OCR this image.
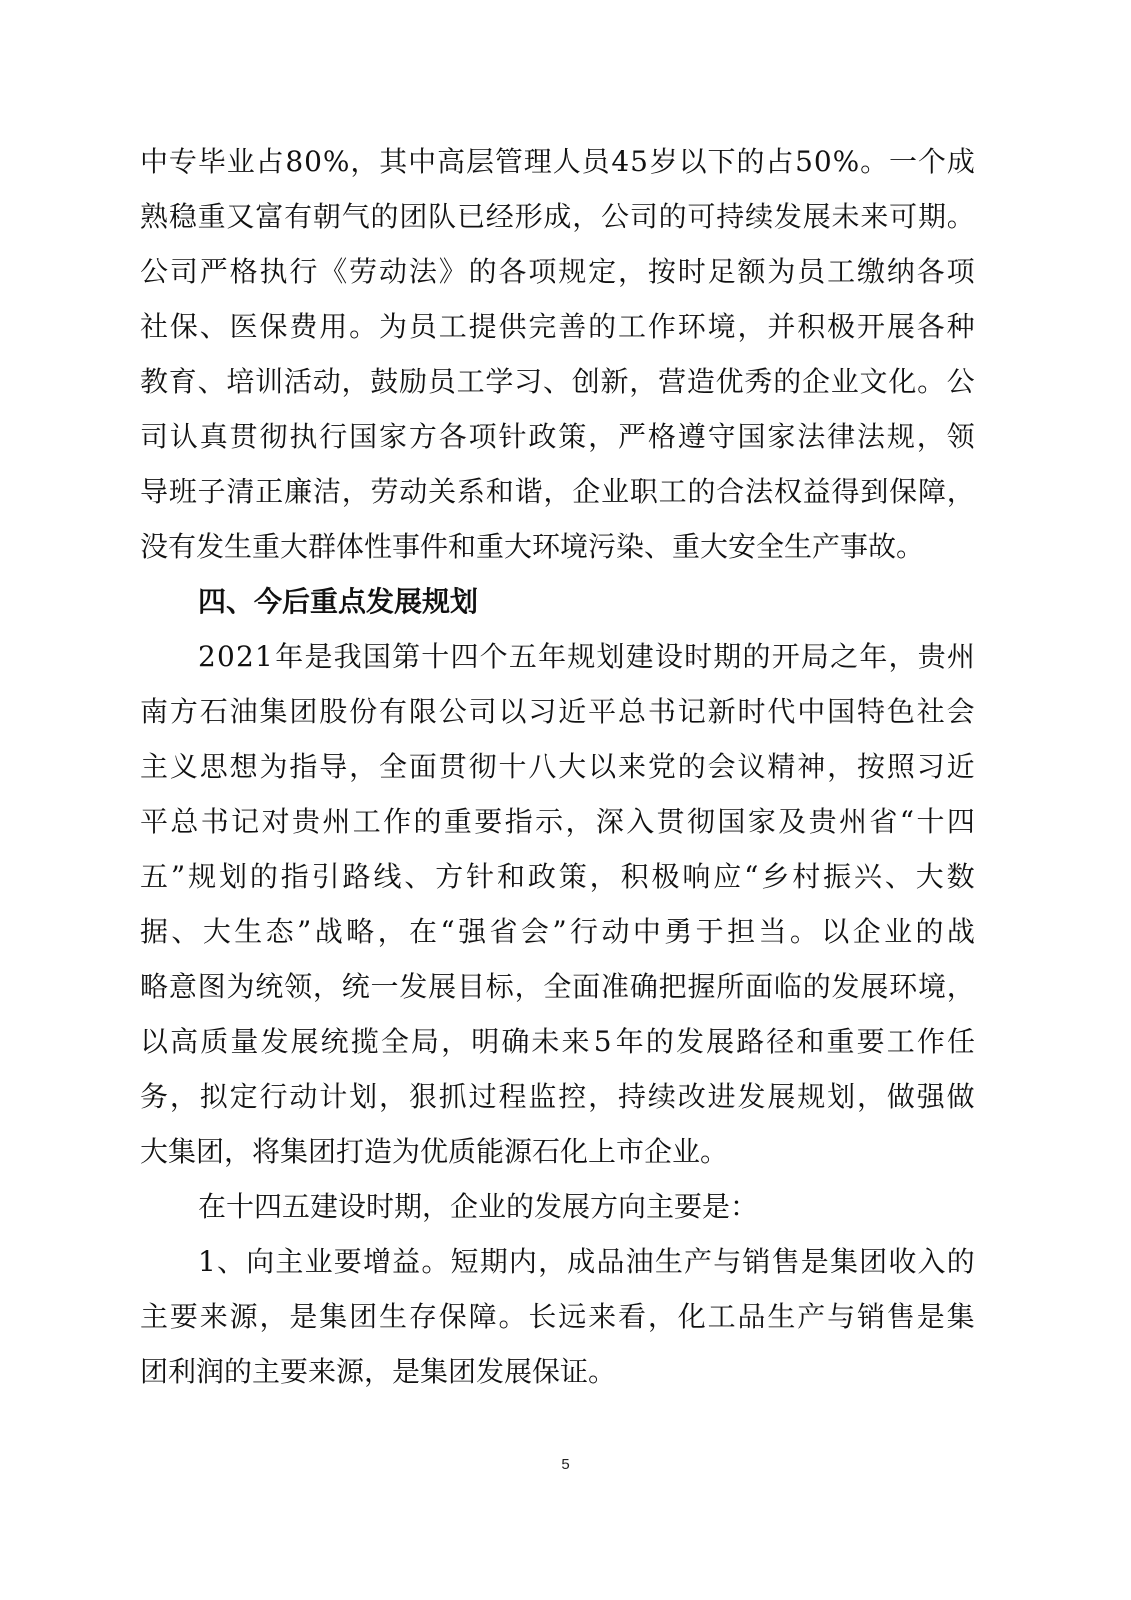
中 专 毕 业 占 8 0 % ， 其 中 高 层 管 理 人 员 4 5 岁 以 下 的 占 5 0 % 。 一 个 成
熟 稳 重 又 富 有 朝 气 的 团 队 已 经 形 成 ， 公 司 的 可 持 续 发 展 未 来 可 期 。
公 司 严 格 执 行 《 劳 动 法 》 的 各 项 规 定 ， 按 时 足 额 为 员 工 缴 纳 各 项
社 保 、 医 保 费 用 。 为 员 工 提 供 完 善 的 工 作 环 境 ， 并 积 极 开 展 各 种
教 育 、 培 训 活 动 ， 鼓 励 员 工 学 习 、 创 新 ， 营 造 优 秀 的 企 业 文 化 。 公
司 认 真 贯 彻 执 行 国 家 方 各 项 针 政 策 ， 严 格 遵 守 国 家 法 律 法 规 ， 领
导 班 子 清 正 廉 洁 ， 劳 动 关 系 和 谐 ， 企 业 职 工 的 合 法 权 益 得 到 保 障 ，
没有发生重大群体性事件和重大环境污染、重大安全生产事故。
四、今后重点发展规划
2 0 2 1 年 是 我 国 第 十 四 个 五 年 规 划 建 设 时 期 的 开 局 之 年 ， 贵 州
南 方 石 油 集 团 股 份 有 限 公 司 以 习 近 平 总 书 记 新 时 代 中 国 特 色 社 会
主 义 思 想 为 指 导 ， 全 面 贯 彻 十 八 大 以 来 党 的 会 议 精 神 ， 按 照 习 近
平 总 书 记 对 贵 州 工 作 的 重 要 指 示 ， 深 入 贯 彻 国 家 及 贵 州 省 “ 十 四
五 ” 规 划 的 指 引 路 线 、 方 针 和 政 策 ， 积 极 响 应 “ 乡 村 振 兴 、 大 数
据 、 大 生 态 ” 战 略 ， 在 “ 强 省 会 ” 行 动 中 勇 于 担 当 。 以 企 业 的 战
略 意 图 为 统 领 ， 统 一 发 展 目 标 ， 全 面 准 确 把 握 所 面 临 的 发 展 环 境 ，
以 高 质 量 发 展 统 揽 全 局 ， 明 确 未 来 5 年 的 发 展 路 径 和 重 要 工 作 任
务 ， 拟 定 行 动 计 划 ， 狠 抓 过 程 监 控 ， 持 续 改 进 发 展 规 划 ， 做 强 做
大集团，将集团打造为优质能源石化上市企业。
在十四五建设时期，企业的发展方向主要是：
1 、 向 主 业 要 增 益 。 短 期 内 ， 成 品 油 生 产 与 销 售 是 集 团 收 入 的
主 要 来 源 ， 是 集 团 生 存 保 障 。 长 远 来 看 ， 化 工 品 生 产 与 销 售 是 集
团利润的主要来源，是集团发展保证。
5
